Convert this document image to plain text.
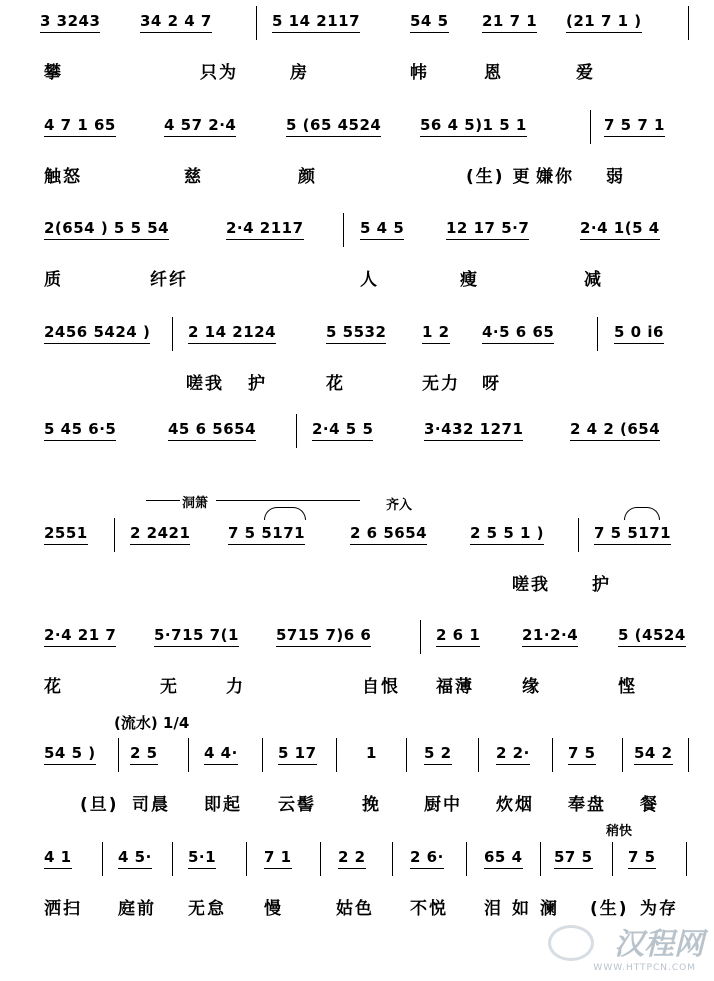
3 3243	34 2 4 7	5 14 2117	54 5 21 7 1 (21 7 1 )
攀	只为	房	帏	恩	爱
4 7 1 65	4 57 2·4	5 (65 4524	56 4 5)1 5 1	7 5 7 1
触怒	慈	颜	(生) 更 嫌你 弱
2(654 ) 5 5 54	2·4 2117	5 4 5	12 17 5·7	2·4 1(5 4
质	纤纤	人	瘦	减
2456 5424 )	2 14 2124	5 5532 1 2 4·5 6 65	5 0 i6
嗟我 护	花	无力 呀
5 45 6·5	45 6 5654	2·4 5 5	3·432 1271	2 4 2 (654
洞箫	齐入
2551	2 2421	7 5 5171	2 6 5654	2 5 5 1 )	7 5 5171
嗟我 护
2·4 21 7	5·715 7(1 5715 7)6 6	2 6 1	21·2·4	5 (4524
花	无	力	自恨 福薄	缘	悭
(流水) 1/4
54 5 ) 2 5	4 4·	5 17	1	5 2	2 2·	7 5	54 2
(旦) 司晨 即起 云髻	挽	厨中 炊烟 奉盘 餐
稍快
4 1	4 5· 5·1	7 1	2 2	2 6·	65 4 57 5 7 5
洒扫 庭前 无怠 慢	姑色 不悦 泪 如 澜 (生) 为存
汉程网
WWW.HTTPCN.COM
